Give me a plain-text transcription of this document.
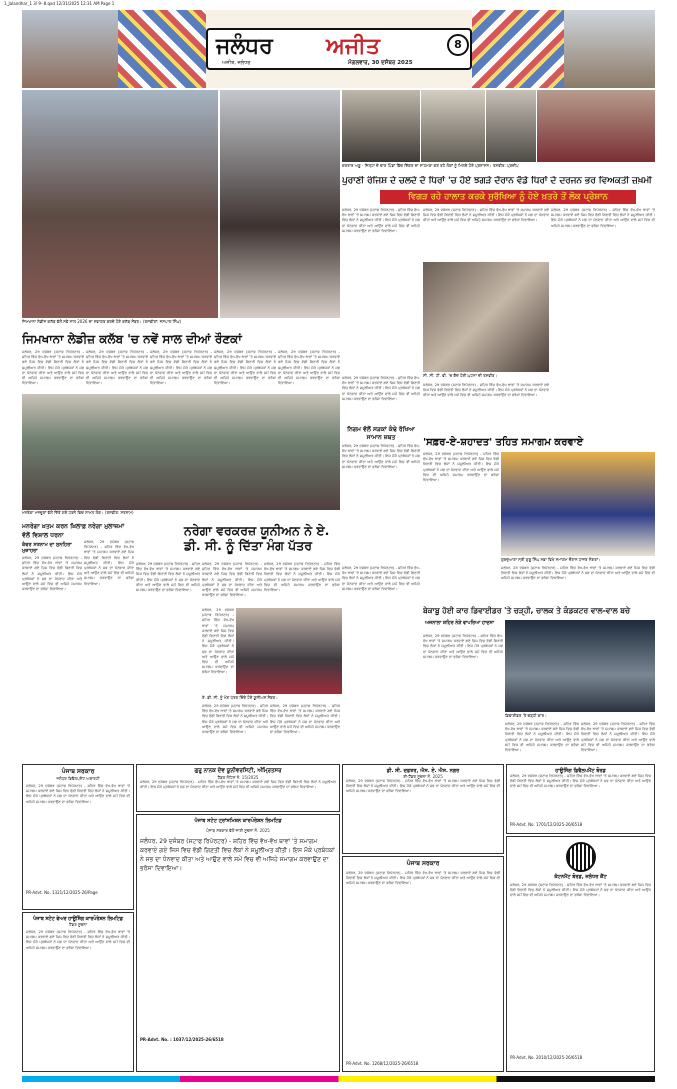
1_Jalandhar_1 3/ 9- 8.qxd 12/31/2025 12:31 AM Page 1
ਜਲੰਧਰ ਅਜੀਤ
ਅਜੀਤ, ਜਲੰਧਰ	ਮੰਗਲਵਾਰ, 30 ਦਸੰਬਰ 2025
8
ਜਿਮਖਾਨਾ ਲੇਡੀਜ਼ ਕਲੱਬ ਵੱਲੋਂ ਨਵੇਂ ਸਾਲ 2026 ਦਾ ਸਵਾਗਤ ਕਰਦੇ ਹੋਏ ਕਲੱਬ ਮੈਂਬਰ। (ਤਸਵੀਰਾਂ: ਜਸਪਾਲ ਸਿੰਘ)
ਕਰਤਾਰ ਅਬੂ - ਜਿਲ੍ਹਾ ਦੇ ਚਾਰ ਪਿੰਡਾਂ ਵਿੱਚ ਦਿੱਕਤ ਦਾ ਸਾਹਮਣਾ ਕਰ ਰਹੇ ਲੋਕਾਂ ਨੂੰ ਮਿਲਦੇ ਹੋਏ ਪ੍ਰਸ਼ਾਸਨ। ਤਸਵੀਰ: ਪ੍ਰਦੀਪ
ਪੁਰਾਣੀ ਰੰਜਿਸ਼ ਦੇ ਚਲਦੇ ਦੋ ਧਿਰਾਂ 'ਚ ਹੋਏ ਝਗੜੇ ਦੌਰਾਨ ਵੱਡੇ ਧਿਰਾਂ ਦੇ ਦਰਜਨ ਭਰ ਵਿਅਕਤੀ ਜ਼ਖ਼ਮੀ
ਵਿਗੜ ਰਹੇ ਹਾਲਾਤ ਕਰਕੇ ਸੁਰੱਖਿਆ ਨੂੰ ਹੋਏ ਖ਼ਤਰੇ ਤੋਂ ਲੋਕ ਪ੍ਰੇਸ਼ਾਨ
ਜਿਮਖਾਨਾ ਲੇਡੀਜ਼ ਕਲੱਬ 'ਚ ਨਵੇਂ ਸਾਲ ਦੀਆਂ ਰੌਣਕਾਂ
ਜਲੰਧਰ, 29 ਦਸੰਬਰ (ਸਟਾਫ ਰਿਪੋਰਟਰ) - ਸ਼ਹਿਰ ਵਿੱਚ ਵੱਖ-ਵੱਖ ਥਾਵਾਂ 'ਤੇ ਸਮਾਗਮ ਕਰਵਾਏ ਗਏ ਜਿਸ ਵਿਚ ਵੱਡੀ ਗਿਣਤੀ ਵਿਚ ਲੋਕਾਂ ਨੇ ਸ਼ਮੂਲੀਅਤ ਕੀਤੀ। ਇਸ ਮੌਕੇ ਪ੍ਰਬੰਧਕਾਂ ਨੇ ਸਭ ਦਾ ਧੰਨਵਾਦ ਕੀਤਾ ਅਤੇ ਆਉਣ ਵਾਲੇ ਸਮੇਂ ਵਿਚ ਵੀ ਅਜਿਹੇ ਸਮਾਗਮ ਕਰਵਾਉਣ ਦਾ ਭਰੋਸਾ ਦਿਵਾਇਆ।
ਜਲੰਧਰ, 29 ਦਸੰਬਰ (ਸਟਾਫ ਰਿਪੋਰਟਰ) - ਸ਼ਹਿਰ ਵਿੱਚ ਵੱਖ-ਵੱਖ ਥਾਵਾਂ 'ਤੇ ਸਮਾਗਮ ਕਰਵਾਏ ਗਏ ਜਿਸ ਵਿਚ ਵੱਡੀ ਗਿਣਤੀ ਵਿਚ ਲੋਕਾਂ ਨੇ ਸ਼ਮੂਲੀਅਤ ਕੀਤੀ। ਇਸ ਮੌਕੇ ਪ੍ਰਬੰਧਕਾਂ ਨੇ ਸਭ ਦਾ ਧੰਨਵਾਦ ਕੀਤਾ ਅਤੇ ਆਉਣ ਵਾਲੇ ਸਮੇਂ ਵਿਚ ਵੀ ਅਜਿਹੇ ਸਮਾਗਮ ਕਰਵਾਉਣ ਦਾ ਭਰੋਸਾ ਦਿਵਾਇਆ।
ਜਲੰਧਰ, 29 ਦਸੰਬਰ (ਸਟਾਫ ਰਿਪੋਰਟਰ) - ਸ਼ਹਿਰ ਵਿੱਚ ਵੱਖ-ਵੱਖ ਥਾਵਾਂ 'ਤੇ ਸਮਾਗਮ ਕਰਵਾਏ ਗਏ ਜਿਸ ਵਿਚ ਵੱਡੀ ਗਿਣਤੀ ਵਿਚ ਲੋਕਾਂ ਨੇ ਸ਼ਮੂਲੀਅਤ ਕੀਤੀ। ਇਸ ਮੌਕੇ ਪ੍ਰਬੰਧਕਾਂ ਨੇ ਸਭ ਦਾ ਧੰਨਵਾਦ ਕੀਤਾ ਅਤੇ ਆਉਣ ਵਾਲੇ ਸਮੇਂ ਵਿਚ ਵੀ ਅਜਿਹੇ ਸਮਾਗਮ ਕਰਵਾਉਣ ਦਾ ਭਰੋਸਾ ਦਿਵਾਇਆ।
ਜਲੰਧਰ, 29 ਦਸੰਬਰ (ਸਟਾਫ ਰਿਪੋਰਟਰ) - ਸ਼ਹਿਰ ਵਿੱਚ ਵੱਖ-ਵੱਖ ਥਾਵਾਂ 'ਤੇ ਸਮਾਗਮ ਕਰਵਾਏ ਗਏ ਜਿਸ ਵਿਚ ਵੱਡੀ ਗਿਣਤੀ ਵਿਚ ਲੋਕਾਂ ਨੇ ਸ਼ਮੂਲੀਅਤ ਕੀਤੀ। ਇਸ ਮੌਕੇ ਪ੍ਰਬੰਧਕਾਂ ਨੇ ਸਭ ਦਾ ਧੰਨਵਾਦ ਕੀਤਾ ਅਤੇ ਆਉਣ ਵਾਲੇ ਸਮੇਂ ਵਿਚ ਵੀ ਅਜਿਹੇ ਸਮਾਗਮ ਕਰਵਾਉਣ ਦਾ ਭਰੋਸਾ ਦਿਵਾਇਆ।
ਜਲੰਧਰ, 29 ਦਸੰਬਰ (ਸਟਾਫ ਰਿਪੋਰਟਰ) - ਸ਼ਹਿਰ ਵਿੱਚ ਵੱਖ-ਵੱਖ ਥਾਵਾਂ 'ਤੇ ਸਮਾਗਮ ਕਰਵਾਏ ਗਏ ਜਿਸ ਵਿਚ ਵੱਡੀ ਗਿਣਤੀ ਵਿਚ ਲੋਕਾਂ ਨੇ ਸ਼ਮੂਲੀਅਤ ਕੀਤੀ। ਇਸ ਮੌਕੇ ਪ੍ਰਬੰਧਕਾਂ ਨੇ ਸਭ ਦਾ ਧੰਨਵਾਦ ਕੀਤਾ ਅਤੇ ਆਉਣ ਵਾਲੇ ਸਮੇਂ ਵਿਚ ਵੀ ਅਜਿਹੇ ਸਮਾਗਮ ਕਰਵਾਉਣ ਦਾ ਭਰੋਸਾ ਦਿਵਾਇਆ।
ਜਲੰਧਰ, 29 ਦਸੰਬਰ (ਸਟਾਫ ਰਿਪੋਰਟਰ) - ਸ਼ਹਿਰ ਵਿੱਚ ਵੱਖ-ਵੱਖ ਥਾਵਾਂ 'ਤੇ ਸਮਾਗਮ ਕਰਵਾਏ ਗਏ ਜਿਸ ਵਿਚ ਵੱਡੀ ਗਿਣਤੀ ਵਿਚ ਲੋਕਾਂ ਨੇ ਸ਼ਮੂਲੀਅਤ ਕੀਤੀ। ਇਸ ਮੌਕੇ ਪ੍ਰਬੰਧਕਾਂ ਨੇ ਸਭ ਦਾ ਧੰਨਵਾਦ ਕੀਤਾ ਅਤੇ ਆਉਣ ਵਾਲੇ ਸਮੇਂ ਵਿਚ ਵੀ ਅਜਿਹੇ ਸਮਾਗਮ ਕਰਵਾਉਣ ਦਾ ਭਰੋਸਾ ਦਿਵਾਇਆ।
ਸੀ. ਸੀ. ਟੀ. ਵੀ. 'ਚ ਕੈਦ ਹੋਈ ਘਟਨਾ ਦੀ ਤਸਵੀਰ।
ਜਲੰਧਰ, 29 ਦਸੰਬਰ (ਸਟਾਫ ਰਿਪੋਰਟਰ) - ਸ਼ਹਿਰ ਵਿੱਚ ਵੱਖ-ਵੱਖ ਥਾਵਾਂ 'ਤੇ ਸਮਾਗਮ ਕਰਵਾਏ ਗਏ ਜਿਸ ਵਿਚ ਵੱਡੀ ਗਿਣਤੀ ਵਿਚ ਲੋਕਾਂ ਨੇ ਸ਼ਮੂਲੀਅਤ ਕੀਤੀ। ਇਸ ਮੌਕੇ ਪ੍ਰਬੰਧਕਾਂ ਨੇ ਸਭ ਦਾ ਧੰਨਵਾਦ ਕੀਤਾ ਅਤੇ ਆਉਣ ਵਾਲੇ ਸਮੇਂ ਵਿਚ ਵੀ ਅਜਿਹੇ ਸਮਾਗਮ ਕਰਵਾਉਣ ਦਾ ਭਰੋਸਾ ਦਿਵਾਇਆ।
ਜਲੰਧਰ, 29 ਦਸੰਬਰ (ਸਟਾਫ ਰਿਪੋਰਟਰ) - ਸ਼ਹਿਰ ਵਿੱਚ ਵੱਖ-ਵੱਖ ਥਾਵਾਂ 'ਤੇ ਸਮਾਗਮ ਕਰਵਾਏ ਗਏ ਜਿਸ ਵਿਚ ਵੱਡੀ ਗਿਣਤੀ ਵਿਚ ਲੋਕਾਂ ਨੇ ਸ਼ਮੂਲੀਅਤ ਕੀਤੀ। ਇਸ ਮੌਕੇ ਪ੍ਰਬੰਧਕਾਂ ਨੇ ਸਭ ਦਾ ਧੰਨਵਾਦ ਕੀਤਾ ਅਤੇ ਆਉਣ ਵਾਲੇ ਸਮੇਂ ਵਿਚ ਵੀ ਅਜਿਹੇ ਸਮਾਗਮ ਕਰਵਾਉਣ ਦਾ ਭਰੋਸਾ ਦਿਵਾਇਆ।
ਜਲੰਧਰ, 29 ਦਸੰਬਰ (ਸਟਾਫ ਰਿਪੋਰਟਰ) - ਸ਼ਹਿਰ ਵਿੱਚ ਵੱਖ-ਵੱਖ ਥਾਵਾਂ 'ਤੇ ਸਮਾਗਮ ਕਰਵਾਏ ਗਏ ਜਿਸ ਵਿਚ ਵੱਡੀ ਗਿਣਤੀ ਵਿਚ ਲੋਕਾਂ ਨੇ ਸ਼ਮੂਲੀਅਤ ਕੀਤੀ। ਇਸ ਮੌਕੇ ਪ੍ਰਬੰਧਕਾਂ ਨੇ ਸਭ ਦਾ ਧੰਨਵਾਦ ਕੀਤਾ ਅਤੇ ਆਉਣ ਵਾਲੇ ਸਮੇਂ ਵਿਚ ਵੀ ਅਜਿਹੇ ਸਮਾਗਮ ਕਰਵਾਉਣ ਦਾ ਭਰੋਸਾ ਦਿਵਾਇਆ।
ਨਿਗਮ ਵੱਲੋਂ ਸੜਕਾਂ ਕੰਢੇ ਰੱਖਿਆ ਸਾਮਾਨ ਜ਼ਬਤ
ਜਲੰਧਰ, 29 ਦਸੰਬਰ (ਸਟਾਫ ਰਿਪੋਰਟਰ) - ਸ਼ਹਿਰ ਵਿੱਚ ਵੱਖ-ਵੱਖ ਥਾਵਾਂ 'ਤੇ ਸਮਾਗਮ ਕਰਵਾਏ ਗਏ ਜਿਸ ਵਿਚ ਵੱਡੀ ਗਿਣਤੀ ਵਿਚ ਲੋਕਾਂ ਨੇ ਸ਼ਮੂਲੀਅਤ ਕੀਤੀ। ਇਸ ਮੌਕੇ ਪ੍ਰਬੰਧਕਾਂ ਨੇ ਸਭ ਦਾ ਧੰਨਵਾਦ ਕੀਤਾ ਅਤੇ ਆਉਣ ਵਾਲੇ ਸਮੇਂ ਵਿਚ ਵੀ ਅਜਿਹੇ ਸਮਾਗਮ ਕਰਵਾਉਣ ਦਾ ਭਰੋਸਾ ਦਿਵਾਇਆ।
ਜਲੰਧਰ, 29 ਦਸੰਬਰ (ਸਟਾਫ ਰਿਪੋਰਟਰ) - ਸ਼ਹਿਰ ਵਿੱਚ ਵੱਖ-ਵੱਖ ਥਾਵਾਂ 'ਤੇ ਸਮਾਗਮ ਕਰਵਾਏ ਗਏ ਜਿਸ ਵਿਚ ਵੱਡੀ ਗਿਣਤੀ ਵਿਚ ਲੋਕਾਂ ਨੇ ਸ਼ਮੂਲੀਅਤ ਕੀਤੀ। ਇਸ ਮੌਕੇ ਪ੍ਰਬੰਧਕਾਂ ਨੇ ਸਭ ਦਾ ਧੰਨਵਾਦ ਕੀਤਾ ਅਤੇ ਆਉਣ ਵਾਲੇ ਸਮੇਂ ਵਿਚ ਵੀ ਅਜਿਹੇ ਸਮਾਗਮ ਕਰਵਾਉਣ ਦਾ ਭਰੋਸਾ ਦਿਵਾਇਆ।
'ਸਫ਼ਰ-ਏ-ਸ਼ਹਾਦਤ' ਤਹਿਤ ਸਮਾਗਮ ਕਰਵਾਏ
ਜਲੰਧਰ, 29 ਦਸੰਬਰ (ਸਟਾਫ ਰਿਪੋਰਟਰ) - ਸ਼ਹਿਰ ਵਿੱਚ ਵੱਖ-ਵੱਖ ਥਾਵਾਂ 'ਤੇ ਸਮਾਗਮ ਕਰਵਾਏ ਗਏ ਜਿਸ ਵਿਚ ਵੱਡੀ ਗਿਣਤੀ ਵਿਚ ਲੋਕਾਂ ਨੇ ਸ਼ਮੂਲੀਅਤ ਕੀਤੀ। ਇਸ ਮੌਕੇ ਪ੍ਰਬੰਧਕਾਂ ਨੇ ਸਭ ਦਾ ਧੰਨਵਾਦ ਕੀਤਾ ਅਤੇ ਆਉਣ ਵਾਲੇ ਸਮੇਂ ਵਿਚ ਵੀ ਅਜਿਹੇ ਸਮਾਗਮ ਕਰਵਾਉਣ ਦਾ ਭਰੋਸਾ ਦਿਵਾਇਆ।
ਗੁਰਦੁਆਰਾ ਸ੍ਰੀ ਗੁਰੂ ਸਿੰਘ ਸਭਾ ਵਿਖੇ ਸਮਾਗਮ ਦੌਰਾਨ ਹਾਜ਼ਰ ਸੰਗਤਾਂ।
ਜਲੰਧਰ, 29 ਦਸੰਬਰ (ਸਟਾਫ ਰਿਪੋਰਟਰ) - ਸ਼ਹਿਰ ਵਿੱਚ ਵੱਖ-ਵੱਖ ਥਾਵਾਂ 'ਤੇ ਸਮਾਗਮ ਕਰਵਾਏ ਗਏ ਜਿਸ ਵਿਚ ਵੱਡੀ ਗਿਣਤੀ ਵਿਚ ਲੋਕਾਂ ਨੇ ਸ਼ਮੂਲੀਅਤ ਕੀਤੀ। ਇਸ ਮੌਕੇ ਪ੍ਰਬੰਧਕਾਂ ਨੇ ਸਭ ਦਾ ਧੰਨਵਾਦ ਕੀਤਾ ਅਤੇ ਆਉਣ ਵਾਲੇ ਸਮੇਂ ਵਿਚ ਵੀ ਅਜਿਹੇ ਸਮਾਗਮ ਕਰਵਾਉਣ ਦਾ ਭਰੋਸਾ ਦਿਵਾਇਆ।
ਮਨਰੇਗਾ ਮਜ਼ਦੂਰਾਂ ਵੱਲੋਂ ਦਿੱਤੇ ਗਏ ਧਰਨੇ ਵਿਚ ਸ਼ਾਮਲ ਲੋਕ। (ਤਸਵੀਰ: ਸਤਨਾਮ)
ਮਨਰੇਗਾ ਖ਼ਤਮ ਕਰਨ ਖ਼ਿਲਾਫ਼ ਨਰੇਗਾ ਮੁਲਾਜ਼ਮਾਂ ਵੱਲੋਂ ਵਿਸ਼ਾਲ ਧਰਨਾ
ਕੰਵਰ ਸਤਨਾਮ ਦਾ ਸੁਨਹਿਰਾ ਮੁਜ਼ਾਹਰਾ
ਜਲੰਧਰ, 29 ਦਸੰਬਰ (ਸਟਾਫ ਰਿਪੋਰਟਰ) - ਸ਼ਹਿਰ ਵਿੱਚ ਵੱਖ-ਵੱਖ ਥਾਵਾਂ 'ਤੇ ਸਮਾਗਮ ਕਰਵਾਏ ਗਏ ਜਿਸ ਵਿਚ ਵੱਡੀ ਗਿਣਤੀ ਵਿਚ ਲੋਕਾਂ ਨੇ ਸ਼ਮੂਲੀਅਤ ਕੀਤੀ। ਇਸ ਮੌਕੇ ਪ੍ਰਬੰਧਕਾਂ ਨੇ ਸਭ ਦਾ ਧੰਨਵਾਦ ਕੀਤਾ ਅਤੇ ਆਉਣ ਵਾਲੇ ਸਮੇਂ ਵਿਚ ਵੀ ਅਜਿਹੇ ਸਮਾਗਮ ਕਰਵਾਉਣ ਦਾ ਭਰੋਸਾ ਦਿਵਾਇਆ।
ਜਲੰਧਰ, 29 ਦਸੰਬਰ (ਸਟਾਫ ਰਿਪੋਰਟਰ) - ਸ਼ਹਿਰ ਵਿੱਚ ਵੱਖ-ਵੱਖ ਥਾਵਾਂ 'ਤੇ ਸਮਾਗਮ ਕਰਵਾਏ ਗਏ ਜਿਸ ਵਿਚ ਵੱਡੀ ਗਿਣਤੀ ਵਿਚ ਲੋਕਾਂ ਨੇ ਸ਼ਮੂਲੀਅਤ ਕੀਤੀ। ਇਸ ਮੌਕੇ ਪ੍ਰਬੰਧਕਾਂ ਨੇ ਸਭ ਦਾ ਧੰਨਵਾਦ ਕੀਤਾ ਅਤੇ ਆਉਣ ਵਾਲੇ ਸਮੇਂ ਵਿਚ ਵੀ ਅਜਿਹੇ ਸਮਾਗਮ ਕਰਵਾਉਣ ਦਾ ਭਰੋਸਾ ਦਿਵਾਇਆ।
ਨਰੇਗਾ ਵਰਕਰਜ਼ ਯੂਨੀਅਨ ਨੇ ਏ. ਡੀ. ਸੀ. ਨੂੰ ਦਿੱਤਾ ਮੰਗ ਪੱਤਰ
ਜਲੰਧਰ, 29 ਦਸੰਬਰ (ਸਟਾਫ ਰਿਪੋਰਟਰ) - ਸ਼ਹਿਰ ਵਿੱਚ ਵੱਖ-ਵੱਖ ਥਾਵਾਂ 'ਤੇ ਸਮਾਗਮ ਕਰਵਾਏ ਗਏ ਜਿਸ ਵਿਚ ਵੱਡੀ ਗਿਣਤੀ ਵਿਚ ਲੋਕਾਂ ਨੇ ਸ਼ਮੂਲੀਅਤ ਕੀਤੀ। ਇਸ ਮੌਕੇ ਪ੍ਰਬੰਧਕਾਂ ਨੇ ਸਭ ਦਾ ਧੰਨਵਾਦ ਕੀਤਾ ਅਤੇ ਆਉਣ ਵਾਲੇ ਸਮੇਂ ਵਿਚ ਵੀ ਅਜਿਹੇ ਸਮਾਗਮ ਕਰਵਾਉਣ ਦਾ ਭਰੋਸਾ ਦਿਵਾਇਆ।
ਜਲੰਧਰ, 29 ਦਸੰਬਰ (ਸਟਾਫ ਰਿਪੋਰਟਰ) - ਸ਼ਹਿਰ ਵਿੱਚ ਵੱਖ-ਵੱਖ ਥਾਵਾਂ 'ਤੇ ਸਮਾਗਮ ਕਰਵਾਏ ਗਏ ਜਿਸ ਵਿਚ ਵੱਡੀ ਗਿਣਤੀ ਵਿਚ ਲੋਕਾਂ ਨੇ ਸ਼ਮੂਲੀਅਤ ਕੀਤੀ। ਇਸ ਮੌਕੇ ਪ੍ਰਬੰਧਕਾਂ ਨੇ ਸਭ ਦਾ ਧੰਨਵਾਦ ਕੀਤਾ ਅਤੇ ਆਉਣ ਵਾਲੇ ਸਮੇਂ ਵਿਚ ਵੀ ਅਜਿਹੇ ਸਮਾਗਮ ਕਰਵਾਉਣ ਦਾ ਭਰੋਸਾ ਦਿਵਾਇਆ।
ਜਲੰਧਰ, 29 ਦਸੰਬਰ (ਸਟਾਫ ਰਿਪੋਰਟਰ) - ਸ਼ਹਿਰ ਵਿੱਚ ਵੱਖ-ਵੱਖ ਥਾਵਾਂ 'ਤੇ ਸਮਾਗਮ ਕਰਵਾਏ ਗਏ ਜਿਸ ਵਿਚ ਵੱਡੀ ਗਿਣਤੀ ਵਿਚ ਲੋਕਾਂ ਨੇ ਸ਼ਮੂਲੀਅਤ ਕੀਤੀ। ਇਸ ਮੌਕੇ ਪ੍ਰਬੰਧਕਾਂ ਨੇ ਸਭ ਦਾ ਧੰਨਵਾਦ ਕੀਤਾ ਅਤੇ ਆਉਣ ਵਾਲੇ ਸਮੇਂ ਵਿਚ ਵੀ ਅਜਿਹੇ ਸਮਾਗਮ ਕਰਵਾਉਣ ਦਾ ਭਰੋਸਾ ਦਿਵਾਇਆ।
ਏ. ਡੀ. ਸੀ. ਨੂੰ ਮੰਗ ਪੱਤਰ ਦਿੰਦੇ ਹੋਏ ਯੂਨੀਅਨ ਮੈਂਬਰ।
ਜਲੰਧਰ, 29 ਦਸੰਬਰ (ਸਟਾਫ ਰਿਪੋਰਟਰ) - ਸ਼ਹਿਰ ਵਿੱਚ ਵੱਖ-ਵੱਖ ਥਾਵਾਂ 'ਤੇ ਸਮਾਗਮ ਕਰਵਾਏ ਗਏ ਜਿਸ ਵਿਚ ਵੱਡੀ ਗਿਣਤੀ ਵਿਚ ਲੋਕਾਂ ਨੇ ਸ਼ਮੂਲੀਅਤ ਕੀਤੀ। ਇਸ ਮੌਕੇ ਪ੍ਰਬੰਧਕਾਂ ਨੇ ਸਭ ਦਾ ਧੰਨਵਾਦ ਕੀਤਾ ਅਤੇ ਆਉਣ ਵਾਲੇ ਸਮੇਂ ਵਿਚ ਵੀ ਅਜਿਹੇ ਸਮਾਗਮ ਕਰਵਾਉਣ ਦਾ ਭਰੋਸਾ ਦਿਵਾਇਆ।
ਜਲੰਧਰ, 29 ਦਸੰਬਰ (ਸਟਾਫ ਰਿਪੋਰਟਰ) - ਸ਼ਹਿਰ ਵਿੱਚ ਵੱਖ-ਵੱਖ ਥਾਵਾਂ 'ਤੇ ਸਮਾਗਮ ਕਰਵਾਏ ਗਏ ਜਿਸ ਵਿਚ ਵੱਡੀ ਗਿਣਤੀ ਵਿਚ ਲੋਕਾਂ ਨੇ ਸ਼ਮੂਲੀਅਤ ਕੀਤੀ। ਇਸ ਮੌਕੇ ਪ੍ਰਬੰਧਕਾਂ ਨੇ ਸਭ ਦਾ ਧੰਨਵਾਦ ਕੀਤਾ ਅਤੇ ਆਉਣ ਵਾਲੇ ਸਮੇਂ ਵਿਚ ਵੀ ਅਜਿਹੇ ਸਮਾਗਮ ਕਰਵਾਉਣ ਦਾ ਭਰੋਸਾ ਦਿਵਾਇਆ।
ਜਲੰਧਰ, 29 ਦਸੰਬਰ (ਸਟਾਫ ਰਿਪੋਰਟਰ) - ਸ਼ਹਿਰ ਵਿੱਚ ਵੱਖ-ਵੱਖ ਥਾਵਾਂ 'ਤੇ ਸਮਾਗਮ ਕਰਵਾਏ ਗਏ ਜਿਸ ਵਿਚ ਵੱਡੀ ਗਿਣਤੀ ਵਿਚ ਲੋਕਾਂ ਨੇ ਸ਼ਮੂਲੀਅਤ ਕੀਤੀ। ਇਸ ਮੌਕੇ ਪ੍ਰਬੰਧਕਾਂ ਨੇ ਸਭ ਦਾ ਧੰਨਵਾਦ ਕੀਤਾ ਅਤੇ ਆਉਣ ਵਾਲੇ ਸਮੇਂ ਵਿਚ ਵੀ ਅਜਿਹੇ ਸਮਾਗਮ ਕਰਵਾਉਣ ਦਾ ਭਰੋਸਾ ਦਿਵਾਇਆ।
ਜਲੰਧਰ, 29 ਦਸੰਬਰ (ਸਟਾਫ ਰਿਪੋਰਟਰ) - ਸ਼ਹਿਰ ਵਿੱਚ ਵੱਖ-ਵੱਖ ਥਾਵਾਂ 'ਤੇ ਸਮਾਗਮ ਕਰਵਾਏ ਗਏ ਜਿਸ ਵਿਚ ਵੱਡੀ ਗਿਣਤੀ ਵਿਚ ਲੋਕਾਂ ਨੇ ਸ਼ਮੂਲੀਅਤ ਕੀਤੀ। ਇਸ ਮੌਕੇ ਪ੍ਰਬੰਧਕਾਂ ਨੇ ਸਭ ਦਾ ਧੰਨਵਾਦ ਕੀਤਾ ਅਤੇ ਆਉਣ ਵਾਲੇ ਸਮੇਂ ਵਿਚ ਵੀ ਅਜਿਹੇ ਸਮਾਗਮ ਕਰਵਾਉਣ ਦਾ ਭਰੋਸਾ ਦਿਵਾਇਆ।
ਬੇਕਾਬੂ ਹੋਈ ਕਾਰ ਡਿਵਾਈਡਰ 'ਤੇ ਚੜ੍ਹੀ, ਚਾਲਕ ਤੇ ਕੰਡਕਟਰ ਵਾਲ-ਵਾਲ ਬਚੇ
ਅਜਨਾਲਾ ਸ਼ਹਿਰ ਨੇੜੇ ਵਾਪਰਿਆ ਹਾਦਸਾ
ਜਲੰਧਰ, 29 ਦਸੰਬਰ (ਸਟਾਫ ਰਿਪੋਰਟਰ) - ਸ਼ਹਿਰ ਵਿੱਚ ਵੱਖ-ਵੱਖ ਥਾਵਾਂ 'ਤੇ ਸਮਾਗਮ ਕਰਵਾਏ ਗਏ ਜਿਸ ਵਿਚ ਵੱਡੀ ਗਿਣਤੀ ਵਿਚ ਲੋਕਾਂ ਨੇ ਸ਼ਮੂਲੀਅਤ ਕੀਤੀ। ਇਸ ਮੌਕੇ ਪ੍ਰਬੰਧਕਾਂ ਨੇ ਸਭ ਦਾ ਧੰਨਵਾਦ ਕੀਤਾ ਅਤੇ ਆਉਣ ਵਾਲੇ ਸਮੇਂ ਵਿਚ ਵੀ ਅਜਿਹੇ ਸਮਾਗਮ ਕਰਵਾਉਣ ਦਾ ਭਰੋਸਾ ਦਿਵਾਇਆ।
ਡਿਵਾਈਡਰ 'ਤੇ ਚੜ੍ਹੀ ਕਾਰ।
ਜਲੰਧਰ, 29 ਦਸੰਬਰ (ਸਟਾਫ ਰਿਪੋਰਟਰ) - ਸ਼ਹਿਰ ਵਿੱਚ ਵੱਖ-ਵੱਖ ਥਾਵਾਂ 'ਤੇ ਸਮਾਗਮ ਕਰਵਾਏ ਗਏ ਜਿਸ ਵਿਚ ਵੱਡੀ ਗਿਣਤੀ ਵਿਚ ਲੋਕਾਂ ਨੇ ਸ਼ਮੂਲੀਅਤ ਕੀਤੀ। ਇਸ ਮੌਕੇ ਪ੍ਰਬੰਧਕਾਂ ਨੇ ਸਭ ਦਾ ਧੰਨਵਾਦ ਕੀਤਾ ਅਤੇ ਆਉਣ ਵਾਲੇ ਸਮੇਂ ਵਿਚ ਵੀ ਅਜਿਹੇ ਸਮਾਗਮ ਕਰਵਾਉਣ ਦਾ ਭਰੋਸਾ ਦਿਵਾਇਆ।
ਜਲੰਧਰ, 29 ਦਸੰਬਰ (ਸਟਾਫ ਰਿਪੋਰਟਰ) - ਸ਼ਹਿਰ ਵਿੱਚ ਵੱਖ-ਵੱਖ ਥਾਵਾਂ 'ਤੇ ਸਮਾਗਮ ਕਰਵਾਏ ਗਏ ਜਿਸ ਵਿਚ ਵੱਡੀ ਗਿਣਤੀ ਵਿਚ ਲੋਕਾਂ ਨੇ ਸ਼ਮੂਲੀਅਤ ਕੀਤੀ। ਇਸ ਮੌਕੇ ਪ੍ਰਬੰਧਕਾਂ ਨੇ ਸਭ ਦਾ ਧੰਨਵਾਦ ਕੀਤਾ ਅਤੇ ਆਉਣ ਵਾਲੇ ਸਮੇਂ ਵਿਚ ਵੀ ਅਜਿਹੇ ਸਮਾਗਮ ਕਰਵਾਉਣ ਦਾ ਭਰੋਸਾ ਦਿਵਾਇਆ।
ਪੰਜਾਬ ਸਰਕਾਰ
ਜਲੰਧਰ ਡਿਵੈਲਪਮੈਂਟ ਅਥਾਰਟੀ
ਜਲੰਧਰ, 29 ਦਸੰਬਰ (ਸਟਾਫ ਰਿਪੋਰਟਰ) - ਸ਼ਹਿਰ ਵਿੱਚ ਵੱਖ-ਵੱਖ ਥਾਵਾਂ 'ਤੇ ਸਮਾਗਮ ਕਰਵਾਏ ਗਏ ਜਿਸ ਵਿਚ ਵੱਡੀ ਗਿਣਤੀ ਵਿਚ ਲੋਕਾਂ ਨੇ ਸ਼ਮੂਲੀਅਤ ਕੀਤੀ। ਇਸ ਮੌਕੇ ਪ੍ਰਬੰਧਕਾਂ ਨੇ ਸਭ ਦਾ ਧੰਨਵਾਦ ਕੀਤਾ ਅਤੇ ਆਉਣ ਵਾਲੇ ਸਮੇਂ ਵਿਚ ਵੀ ਅਜਿਹੇ ਸਮਾਗਮ ਕਰਵਾਉਣ ਦਾ ਭਰੋਸਾ ਦਿਵਾਇਆ।
PR-Advt. No. 1321/12/2025-26/Page
ਪੰਜਾਬ ਸਟੇਟ ਵੇਅਰ ਹਾਊਸਿੰਗ ਕਾਰਪੋਰੇਸ਼ਨ ਲਿਮਟਿਡ
ਟੈਂਡਰ ਸੂਚਨਾ
ਜਲੰਧਰ, 29 ਦਸੰਬਰ (ਸਟਾਫ ਰਿਪੋਰਟਰ) - ਸ਼ਹਿਰ ਵਿੱਚ ਵੱਖ-ਵੱਖ ਥਾਵਾਂ 'ਤੇ ਸਮਾਗਮ ਕਰਵਾਏ ਗਏ ਜਿਸ ਵਿਚ ਵੱਡੀ ਗਿਣਤੀ ਵਿਚ ਲੋਕਾਂ ਨੇ ਸ਼ਮੂਲੀਅਤ ਕੀਤੀ। ਇਸ ਮੌਕੇ ਪ੍ਰਬੰਧਕਾਂ ਨੇ ਸਭ ਦਾ ਧੰਨਵਾਦ ਕੀਤਾ ਅਤੇ ਆਉਣ ਵਾਲੇ ਸਮੇਂ ਵਿਚ ਵੀ ਅਜਿਹੇ ਸਮਾਗਮ ਕਰਵਾਉਣ ਦਾ ਭਰੋਸਾ ਦਿਵਾਇਆ।
ਗੁਰੂ ਨਾਨਕ ਦੇਵ ਯੂਨੀਵਰਸਿਟੀ, ਅੰਮ੍ਰਿਤਸਰ
ਟੈਂਡਰ ਨੋਟਿਸ ਨੰ. 15/2025
ਜਲੰਧਰ, 29 ਦਸੰਬਰ (ਸਟਾਫ ਰਿਪੋਰਟਰ) - ਸ਼ਹਿਰ ਵਿੱਚ ਵੱਖ-ਵੱਖ ਥਾਵਾਂ 'ਤੇ ਸਮਾਗਮ ਕਰਵਾਏ ਗਏ ਜਿਸ ਵਿਚ ਵੱਡੀ ਗਿਣਤੀ ਵਿਚ ਲੋਕਾਂ ਨੇ ਸ਼ਮੂਲੀਅਤ ਕੀਤੀ। ਇਸ ਮੌਕੇ ਪ੍ਰਬੰਧਕਾਂ ਨੇ ਸਭ ਦਾ ਧੰਨਵਾਦ ਕੀਤਾ ਅਤੇ ਆਉਣ ਵਾਲੇ ਸਮੇਂ ਵਿਚ ਵੀ ਅਜਿਹੇ ਸਮਾਗਮ ਕਰਵਾਉਣ ਦਾ ਭਰੋਸਾ ਦਿਵਾਇਆ।
ਪੰਜਾਬ ਸਟੇਟ ਟ੍ਰਾਂਸਮਿਸ਼ਨ ਕਾਰਪੋਰੇਸ਼ਨ ਲਿਮਟਿਡ
ਪੰਜਾਬ ਸਰਕਾਰ ਵੱਲੋਂ ਜਾਰੀ ਸੂਚਨਾ ਨੰ. 2025
ਜਲੰਧਰ, 29 ਦਸੰਬਰ (ਸਟਾਫ ਰਿਪੋਰਟਰ) - ਸ਼ਹਿਰ ਵਿੱਚ ਵੱਖ-ਵੱਖ ਥਾਵਾਂ 'ਤੇ ਸਮਾਗਮ ਕਰਵਾਏ ਗਏ ਜਿਸ ਵਿਚ ਵੱਡੀ ਗਿਣਤੀ ਵਿਚ ਲੋਕਾਂ ਨੇ ਸ਼ਮੂਲੀਅਤ ਕੀਤੀ। ਇਸ ਮੌਕੇ ਪ੍ਰਬੰਧਕਾਂ ਨੇ ਸਭ ਦਾ ਧੰਨਵਾਦ ਕੀਤਾ ਅਤੇ ਆਉਣ ਵਾਲੇ ਸਮੇਂ ਵਿਚ ਵੀ ਅਜਿਹੇ ਸਮਾਗਮ ਕਰਵਾਉਣ ਦਾ ਭਰੋਸਾ ਦਿਵਾਇਆ।
PR-Advt. No. : 1037/12/2025-26/6518
ਡੀ. ਸੀ. ਦਫ਼ਤਰ, ਐਸ. ਏ. ਐਸ. ਨਗਰ
ਈ-ਟੈਂਡਰ ਸੂਚਨਾ ਨੰ. 2025
ਜਲੰਧਰ, 29 ਦਸੰਬਰ (ਸਟਾਫ ਰਿਪੋਰਟਰ) - ਸ਼ਹਿਰ ਵਿੱਚ ਵੱਖ-ਵੱਖ ਥਾਵਾਂ 'ਤੇ ਸਮਾਗਮ ਕਰਵਾਏ ਗਏ ਜਿਸ ਵਿਚ ਵੱਡੀ ਗਿਣਤੀ ਵਿਚ ਲੋਕਾਂ ਨੇ ਸ਼ਮੂਲੀਅਤ ਕੀਤੀ। ਇਸ ਮੌਕੇ ਪ੍ਰਬੰਧਕਾਂ ਨੇ ਸਭ ਦਾ ਧੰਨਵਾਦ ਕੀਤਾ ਅਤੇ ਆਉਣ ਵਾਲੇ ਸਮੇਂ ਵਿਚ ਵੀ ਅਜਿਹੇ ਸਮਾਗਮ ਕਰਵਾਉਣ ਦਾ ਭਰੋਸਾ ਦਿਵਾਇਆ।
ਪੰਜਾਬ ਸਰਕਾਰ
ਜਲੰਧਰ, 29 ਦਸੰਬਰ (ਸਟਾਫ ਰਿਪੋਰਟਰ) - ਸ਼ਹਿਰ ਵਿੱਚ ਵੱਖ-ਵੱਖ ਥਾਵਾਂ 'ਤੇ ਸਮਾਗਮ ਕਰਵਾਏ ਗਏ ਜਿਸ ਵਿਚ ਵੱਡੀ ਗਿਣਤੀ ਵਿਚ ਲੋਕਾਂ ਨੇ ਸ਼ਮੂਲੀਅਤ ਕੀਤੀ। ਇਸ ਮੌਕੇ ਪ੍ਰਬੰਧਕਾਂ ਨੇ ਸਭ ਦਾ ਧੰਨਵਾਦ ਕੀਤਾ ਅਤੇ ਆਉਣ ਵਾਲੇ ਸਮੇਂ ਵਿਚ ਵੀ ਅਜਿਹੇ ਸਮਾਗਮ ਕਰਵਾਉਣ ਦਾ ਭਰੋਸਾ ਦਿਵਾਇਆ।
PR-Advt. No. 1268/12/2025-26/6518
ਹਾਊਸਿੰਗ ਡਿਵੈਲਪਮੈਂਟ ਬੋਰਡ
ਜਲੰਧਰ, 29 ਦਸੰਬਰ (ਸਟਾਫ ਰਿਪੋਰਟਰ) - ਸ਼ਹਿਰ ਵਿੱਚ ਵੱਖ-ਵੱਖ ਥਾਵਾਂ 'ਤੇ ਸਮਾਗਮ ਕਰਵਾਏ ਗਏ ਜਿਸ ਵਿਚ ਵੱਡੀ ਗਿਣਤੀ ਵਿਚ ਲੋਕਾਂ ਨੇ ਸ਼ਮੂਲੀਅਤ ਕੀਤੀ। ਇਸ ਮੌਕੇ ਪ੍ਰਬੰਧਕਾਂ ਨੇ ਸਭ ਦਾ ਧੰਨਵਾਦ ਕੀਤਾ ਅਤੇ ਆਉਣ ਵਾਲੇ ਸਮੇਂ ਵਿਚ ਵੀ ਅਜਿਹੇ ਸਮਾਗਮ ਕਰਵਾਉਣ ਦਾ ਭਰੋਸਾ ਦਿਵਾਇਆ।
PR-Advt. No. 1701/12/2025-26/6518
ਕੰਟਨਮੈਂਟ ਬੋਰਡ, ਜਲੰਧਰ ਕੈਂਟ
ਜਲੰਧਰ, 29 ਦਸੰਬਰ (ਸਟਾਫ ਰਿਪੋਰਟਰ) - ਸ਼ਹਿਰ ਵਿੱਚ ਵੱਖ-ਵੱਖ ਥਾਵਾਂ 'ਤੇ ਸਮਾਗਮ ਕਰਵਾਏ ਗਏ ਜਿਸ ਵਿਚ ਵੱਡੀ ਗਿਣਤੀ ਵਿਚ ਲੋਕਾਂ ਨੇ ਸ਼ਮੂਲੀਅਤ ਕੀਤੀ। ਇਸ ਮੌਕੇ ਪ੍ਰਬੰਧਕਾਂ ਨੇ ਸਭ ਦਾ ਧੰਨਵਾਦ ਕੀਤਾ ਅਤੇ ਆਉਣ ਵਾਲੇ ਸਮੇਂ ਵਿਚ ਵੀ ਅਜਿਹੇ ਸਮਾਗਮ ਕਰਵਾਉਣ ਦਾ ਭਰੋਸਾ ਦਿਵਾਇਆ।
PR-Advt. No. 2010/12/2025-26/6518
